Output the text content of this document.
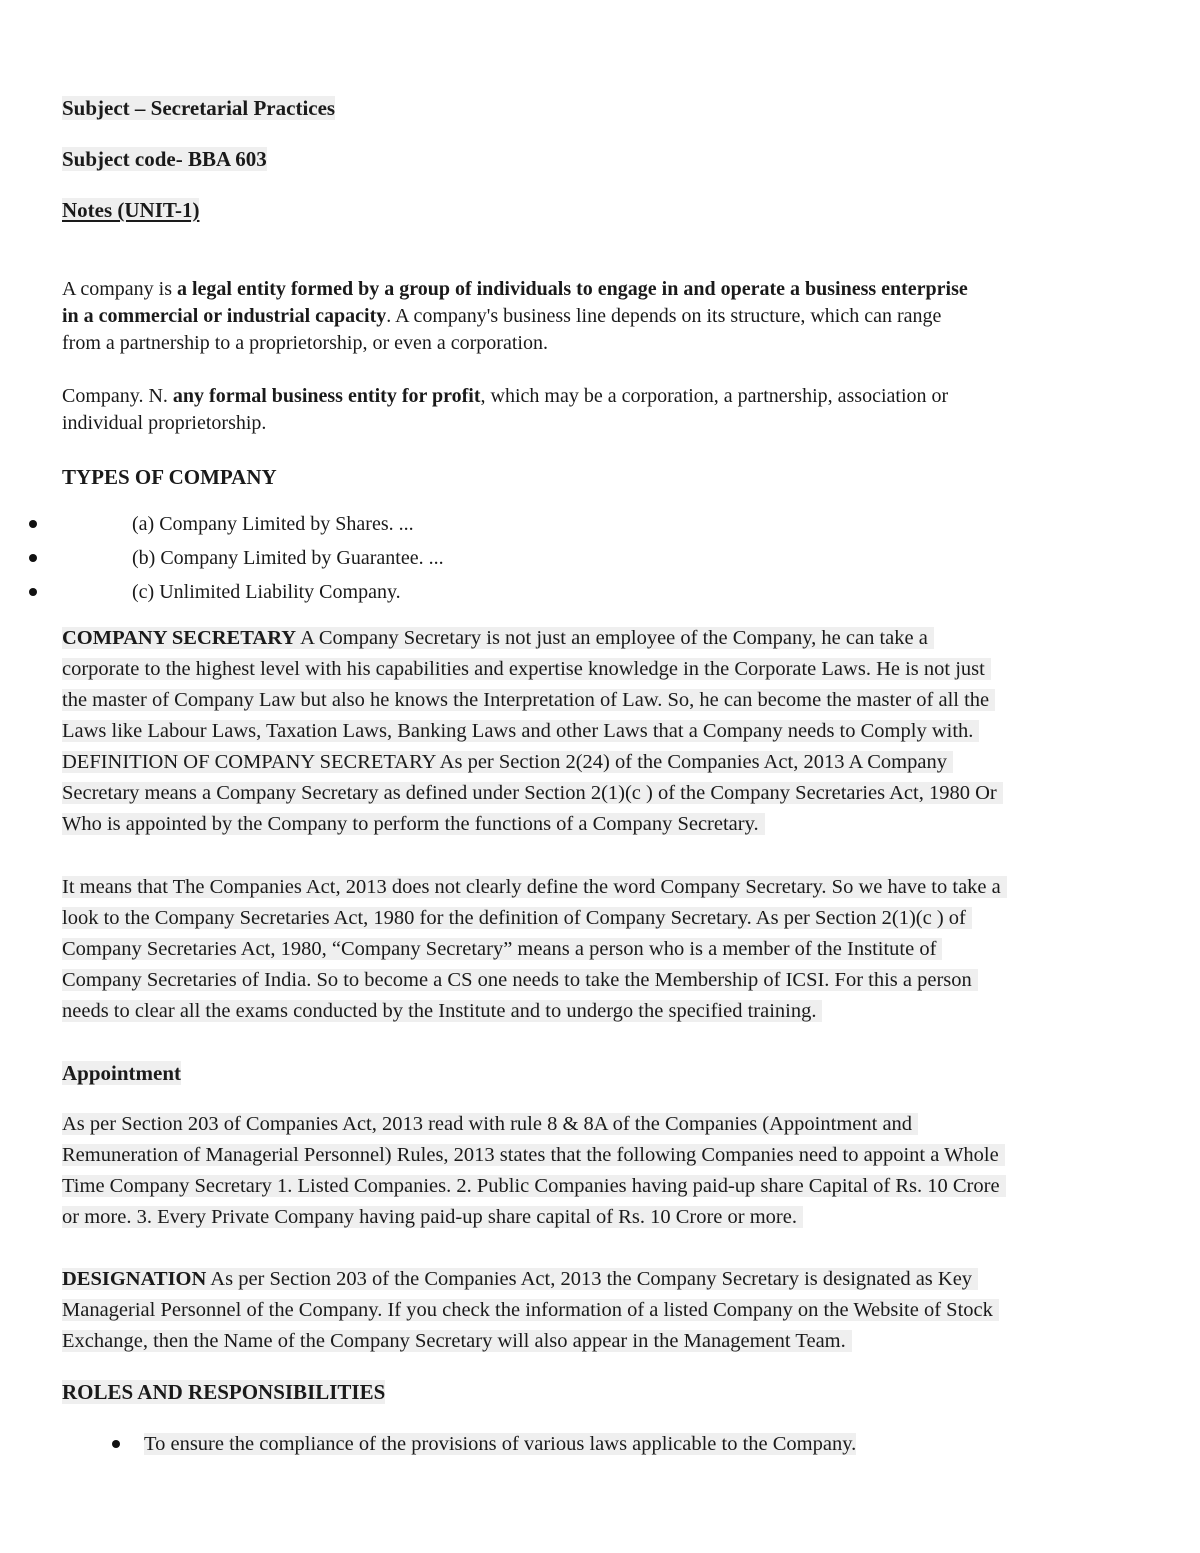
Subject – Secretarial Practices
Subject code- BBA 603
Notes (UNIT-1)
A company is a legal entity formed by a group of individuals to engage in and operate a business enterprise
in a commercial or industrial capacity. A company's business line depends on its structure, which can range
from a partnership to a proprietorship, or even a corporation.
Company. N. any formal business entity for profit, which may be a corporation, a partnership, association or
individual proprietorship.
TYPES OF COMPANY
(a) Company Limited by Shares. ...
(b) Company Limited by Guarantee. ...
(c) Unlimited Liability Company.
COMPANY SECRETARY A Company Secretary is not just an employee of the Company, he can take a
corporate to the highest level with his capabilities and expertise knowledge in the Corporate Laws. He is not just
the master of Company Law but also he knows the Interpretation of Law. So, he can become the master of all the
Laws like Labour Laws, Taxation Laws, Banking Laws and other Laws that a Company needs to Comply with.
DEFINITION OF COMPANY SECRETARY As per Section 2(24) of the Companies Act, 2013 A Company
Secretary means a Company Secretary as defined under Section 2(1)(c ) of the Company Secretaries Act, 1980 Or
Who is appointed by the Company to perform the functions of a Company Secretary.
It means that The Companies Act, 2013 does not clearly define the word Company Secretary. So we have to take a
look to the Company Secretaries Act, 1980 for the definition of Company Secretary. As per Section 2(1)(c ) of
Company Secretaries Act, 1980, “Company Secretary” means a person who is a member of the Institute of
Company Secretaries of India. So to become a CS one needs to take the Membership of ICSI. For this a person
needs to clear all the exams conducted by the Institute and to undergo the specified training.
Appointment
As per Section 203 of Companies Act, 2013 read with rule 8 & 8A of the Companies (Appointment and
Remuneration of Managerial Personnel) Rules, 2013 states that the following Companies need to appoint a Whole
Time Company Secretary 1. Listed Companies. 2. Public Companies having paid-up share Capital of Rs. 10 Crore
or more. 3. Every Private Company having paid-up share capital of Rs. 10 Crore or more.
DESIGNATION As per Section 203 of the Companies Act, 2013 the Company Secretary is designated as Key
Managerial Personnel of the Company. If you check the information of a listed Company on the Website of Stock
Exchange, then the Name of the Company Secretary will also appear in the Management Team.
ROLES AND RESPONSIBILITIES
To ensure the compliance of the provisions of various laws applicable to the Company.
